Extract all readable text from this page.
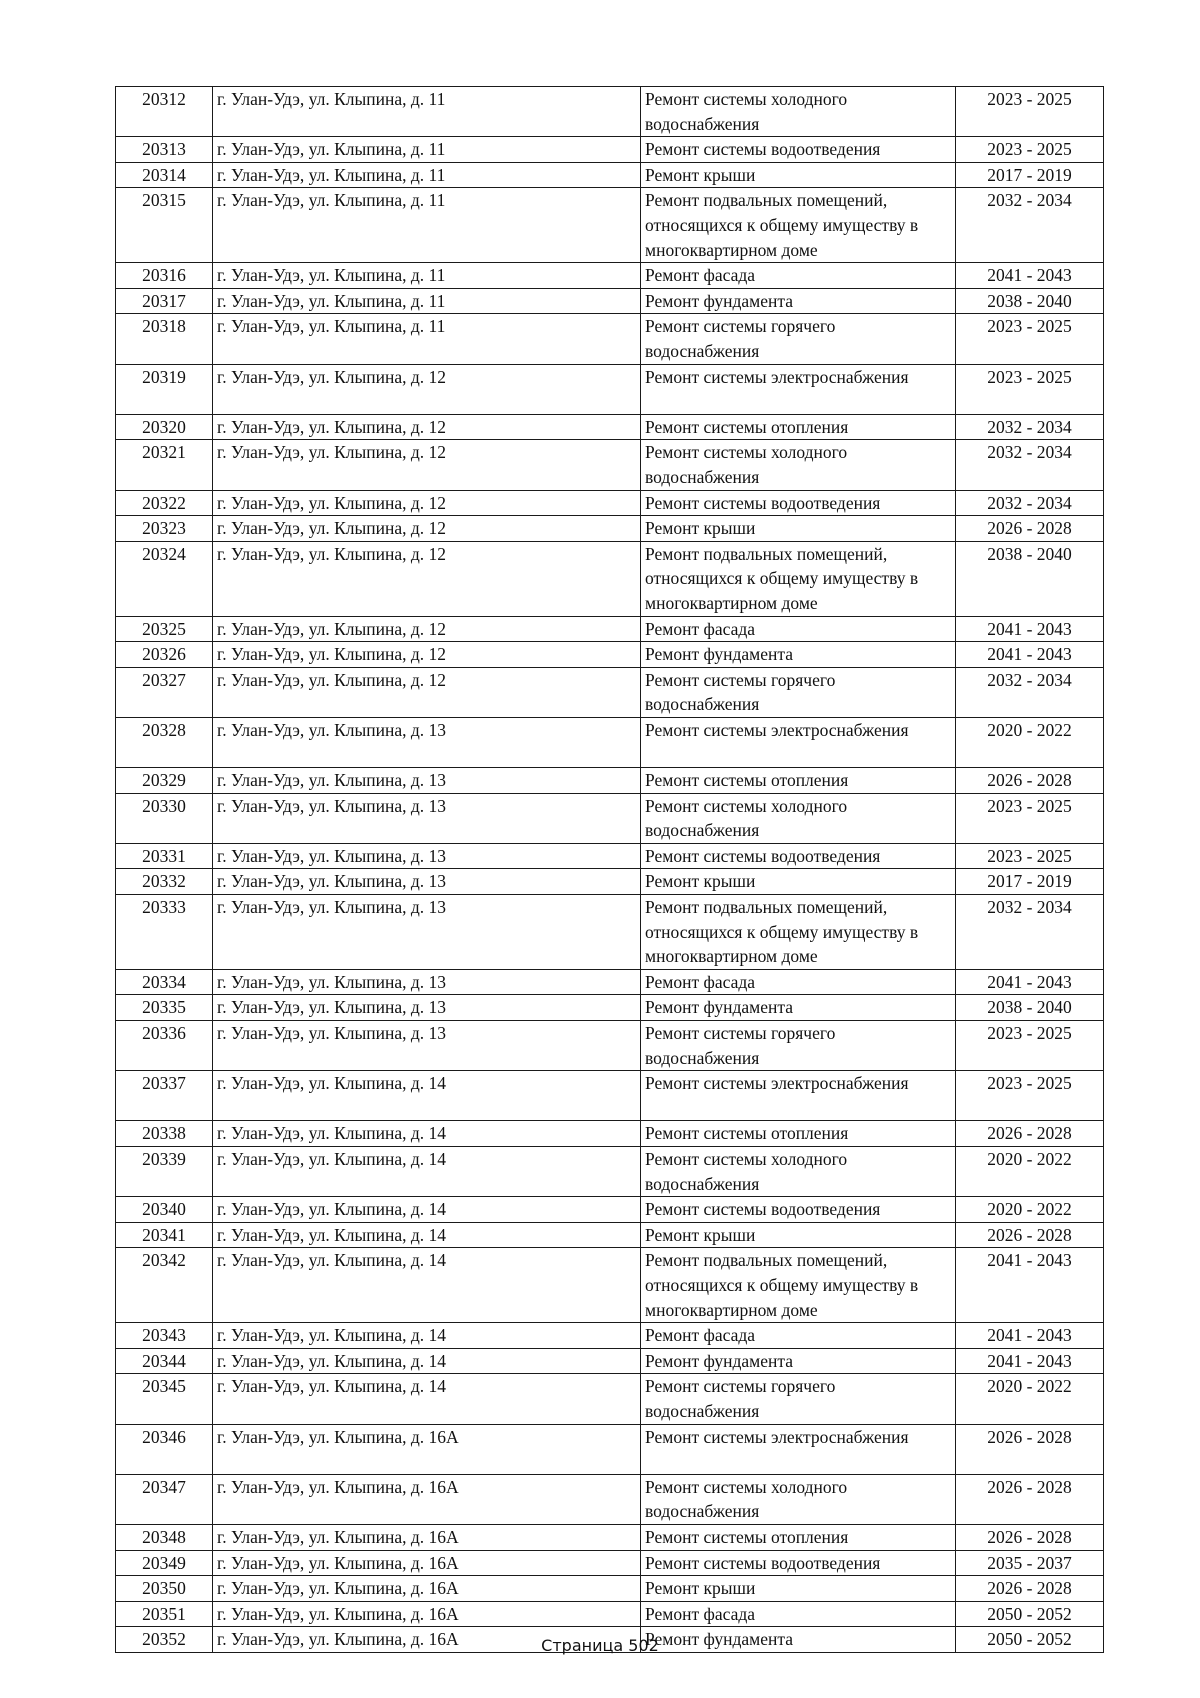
20312	г. Улан-Удэ, ул. Клыпина, д. 11	Ремонт системы холодного водоснабжения	2023 - 2025
20313	г. Улан-Удэ, ул. Клыпина, д. 11	Ремонт системы водоотведения	2023 - 2025
20314	г. Улан-Удэ, ул. Клыпина, д. 11	Ремонт крыши	2017 - 2019
20315	г. Улан-Удэ, ул. Клыпина, д. 11	Ремонт подвальных помещений, относящихся к общему имуществу в многоквартирном доме	2032 - 2034
20316	г. Улан-Удэ, ул. Клыпина, д. 11	Ремонт фасада	2041 - 2043
20317	г. Улан-Удэ, ул. Клыпина, д. 11	Ремонт фундамента	2038 - 2040
20318	г. Улан-Удэ, ул. Клыпина, д. 11	Ремонт системы горячего водоснабжения	2023 - 2025
20319	г. Улан-Удэ, ул. Клыпина, д. 12	Ремонт системы электроснабжения	2023 - 2025
20320	г. Улан-Удэ, ул. Клыпина, д. 12	Ремонт системы отопления	2032 - 2034
20321	г. Улан-Удэ, ул. Клыпина, д. 12	Ремонт системы холодного водоснабжения	2032 - 2034
20322	г. Улан-Удэ, ул. Клыпина, д. 12	Ремонт системы водоотведения	2032 - 2034
20323	г. Улан-Удэ, ул. Клыпина, д. 12	Ремонт крыши	2026 - 2028
20324	г. Улан-Удэ, ул. Клыпина, д. 12	Ремонт подвальных помещений, относящихся к общему имуществу в многоквартирном доме	2038 - 2040
20325	г. Улан-Удэ, ул. Клыпина, д. 12	Ремонт фасада	2041 - 2043
20326	г. Улан-Удэ, ул. Клыпина, д. 12	Ремонт фундамента	2041 - 2043
20327	г. Улан-Удэ, ул. Клыпина, д. 12	Ремонт системы горячего водоснабжения	2032 - 2034
20328	г. Улан-Удэ, ул. Клыпина, д. 13	Ремонт системы электроснабжения	2020 - 2022
20329	г. Улан-Удэ, ул. Клыпина, д. 13	Ремонт системы отопления	2026 - 2028
20330	г. Улан-Удэ, ул. Клыпина, д. 13	Ремонт системы холодного водоснабжения	2023 - 2025
20331	г. Улан-Удэ, ул. Клыпина, д. 13	Ремонт системы водоотведения	2023 - 2025
20332	г. Улан-Удэ, ул. Клыпина, д. 13	Ремонт крыши	2017 - 2019
20333	г. Улан-Удэ, ул. Клыпина, д. 13	Ремонт подвальных помещений, относящихся к общему имуществу в многоквартирном доме	2032 - 2034
20334	г. Улан-Удэ, ул. Клыпина, д. 13	Ремонт фасада	2041 - 2043
20335	г. Улан-Удэ, ул. Клыпина, д. 13	Ремонт фундамента	2038 - 2040
20336	г. Улан-Удэ, ул. Клыпина, д. 13	Ремонт системы горячего водоснабжения	2023 - 2025
20337	г. Улан-Удэ, ул. Клыпина, д. 14	Ремонт системы электроснабжения	2023 - 2025
20338	г. Улан-Удэ, ул. Клыпина, д. 14	Ремонт системы отопления	2026 - 2028
20339	г. Улан-Удэ, ул. Клыпина, д. 14	Ремонт системы холодного водоснабжения	2020 - 2022
20340	г. Улан-Удэ, ул. Клыпина, д. 14	Ремонт системы водоотведения	2020 - 2022
20341	г. Улан-Удэ, ул. Клыпина, д. 14	Ремонт крыши	2026 - 2028
20342	г. Улан-Удэ, ул. Клыпина, д. 14	Ремонт подвальных помещений, относящихся к общему имуществу в многоквартирном доме	2041 - 2043
20343	г. Улан-Удэ, ул. Клыпина, д. 14	Ремонт фасада	2041 - 2043
20344	г. Улан-Удэ, ул. Клыпина, д. 14	Ремонт фундамента	2041 - 2043
20345	г. Улан-Удэ, ул. Клыпина, д. 14	Ремонт системы горячего водоснабжения	2020 - 2022
20346	г. Улан-Удэ, ул. Клыпина, д. 16А	Ремонт системы электроснабжения	2026 - 2028
20347	г. Улан-Удэ, ул. Клыпина, д. 16А	Ремонт системы холодного водоснабжения	2026 - 2028
20348	г. Улан-Удэ, ул. Клыпина, д. 16А	Ремонт системы отопления	2026 - 2028
20349	г. Улан-Удэ, ул. Клыпина, д. 16А	Ремонт системы водоотведения	2035 - 2037
20350	г. Улан-Удэ, ул. Клыпина, д. 16А	Ремонт крыши	2026 - 2028
20351	г. Улан-Удэ, ул. Клыпина, д. 16А	Ремонт фасада	2050 - 2052
20352	г. Улан-Удэ, ул. Клыпина, д. 16А	Ремонт фундамента	2050 - 2052
Страница 502
